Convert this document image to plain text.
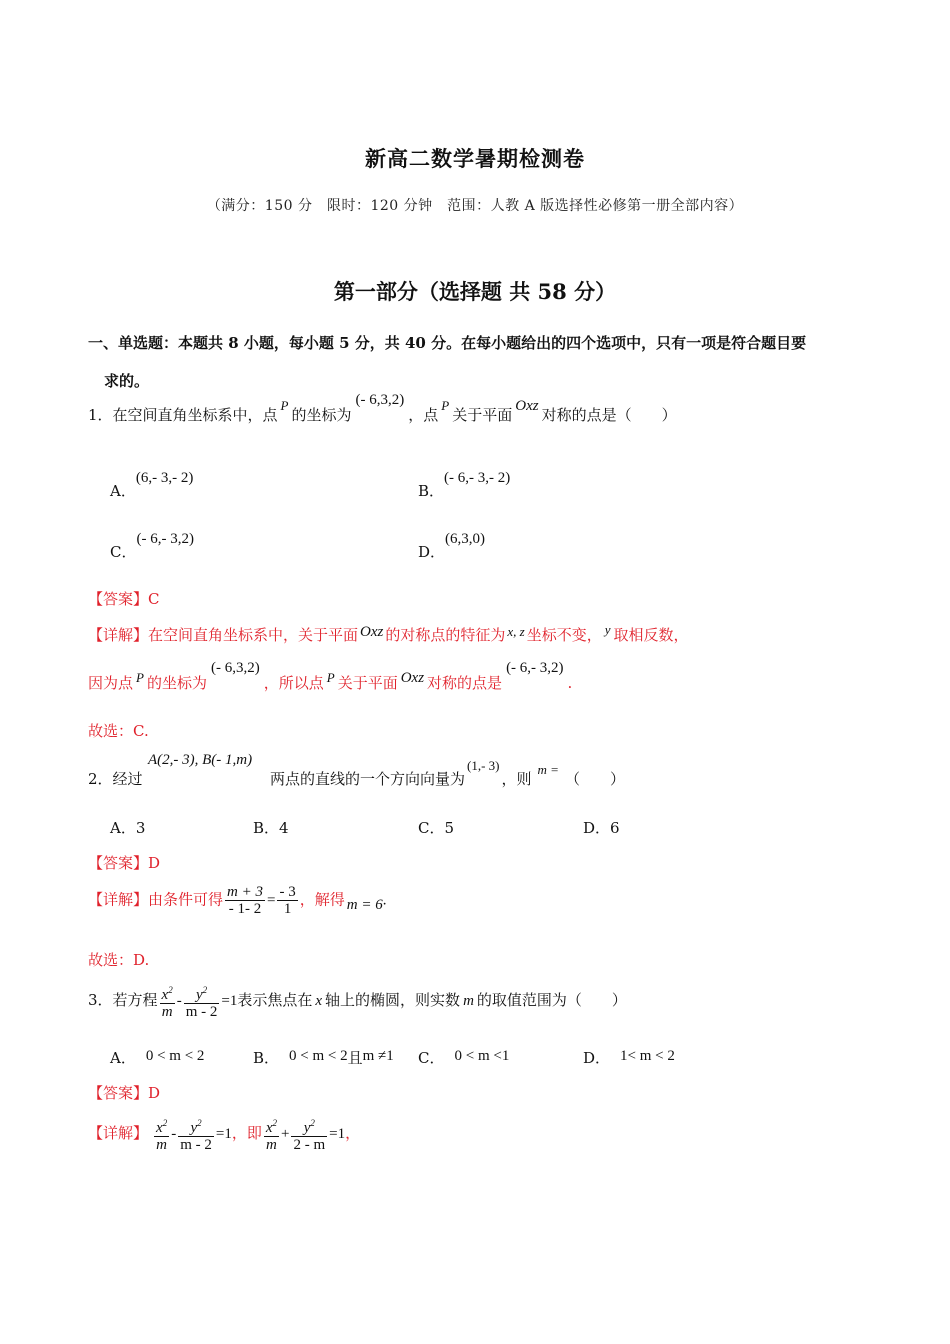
新高二数学暑期检测卷
（满分：150 分　限时：120 分钟　范围：人教 A 版选择性必修第一册全部内容）
第一部分（选择题 共 58 分）
一、单选题：本题共 8 小题，每小题 5 分，共 40 分。在每小题给出的四个选项中，只有一项是符合题目要
求的。
1．在空间直角坐标系中，点P的坐标为(- 6,3,2)，点P关于平面 Oxz 对称的点是（　　）
A．(6,- 3,- 2)
B．(- 6,- 3,- 2)
C．(- 6,- 3,2)
D．(6,3,0)
【答案】C
【详解】在空间直角坐标系中，关于平面 Oxz 的对称点的特征为 x, z 坐标不变， y 取相反数，
因为点 P 的坐标为(- 6,3,2)，所以点 P 关于平面 Oxz 对称的点是(- 6,- 3,2).
故选：C.
A(2,- 3), B(- 1,m)
2．经过	两点的直线的一个方向向量为(1,- 3)，则m =（　　）
A．3	B．4	C．5	D．6
【答案】D
【详解】由条件可得 $\frac{m + 3}{- 1- 2} = \frac{- 3}{1}$ ，解得 m = 6.
故选：D.
3．若方程 $\frac{x^2}{m} - \frac{y^2}{m - 2} =1$表示焦点在 x 轴上的椭圆，则实数 m 的取值范围为（　　）
A． 0 < m < 2	B． 0 < m < 2且m ≠1 C． 0 < m <1	D． 1< m < 2
【答案】D
【详解】 $\frac{x^2}{m} - \frac{y^2}{m - 2} =1$，即 $\frac{x^2}{m} + \frac{y^2}{2 - m} =1$，
